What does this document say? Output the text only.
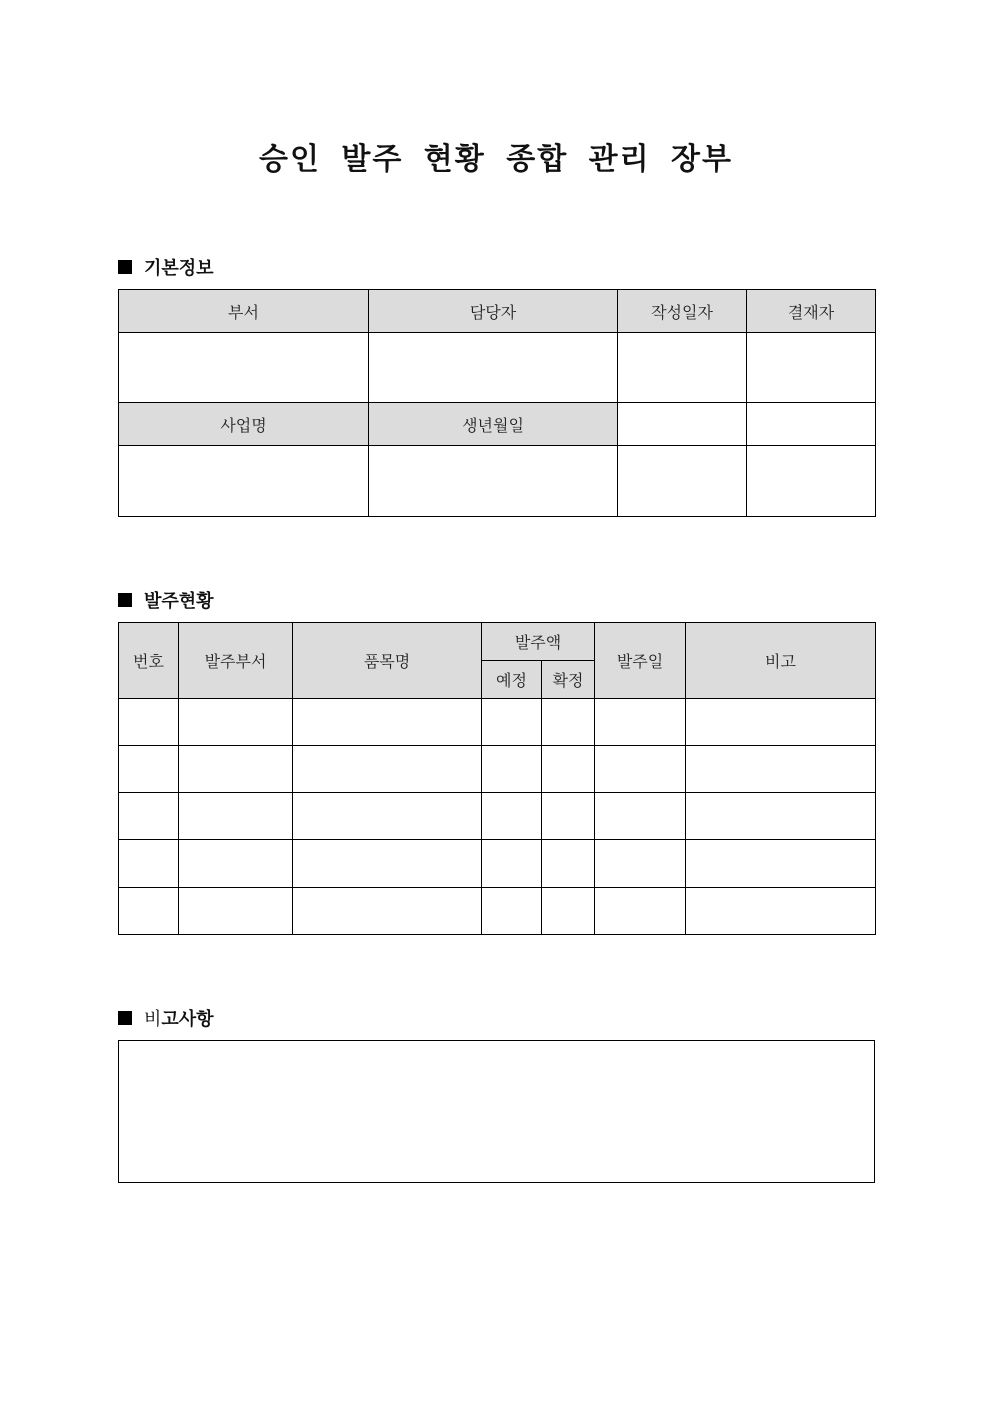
승인 발주 현황 종합 관리 장부
기본정보
부서	담당자	작성일자	결재자

사업명	생년월일		

발주현황
번호	발주부서	품목명	발주액		발주일	비고
			예정	확정		

비 고사항
